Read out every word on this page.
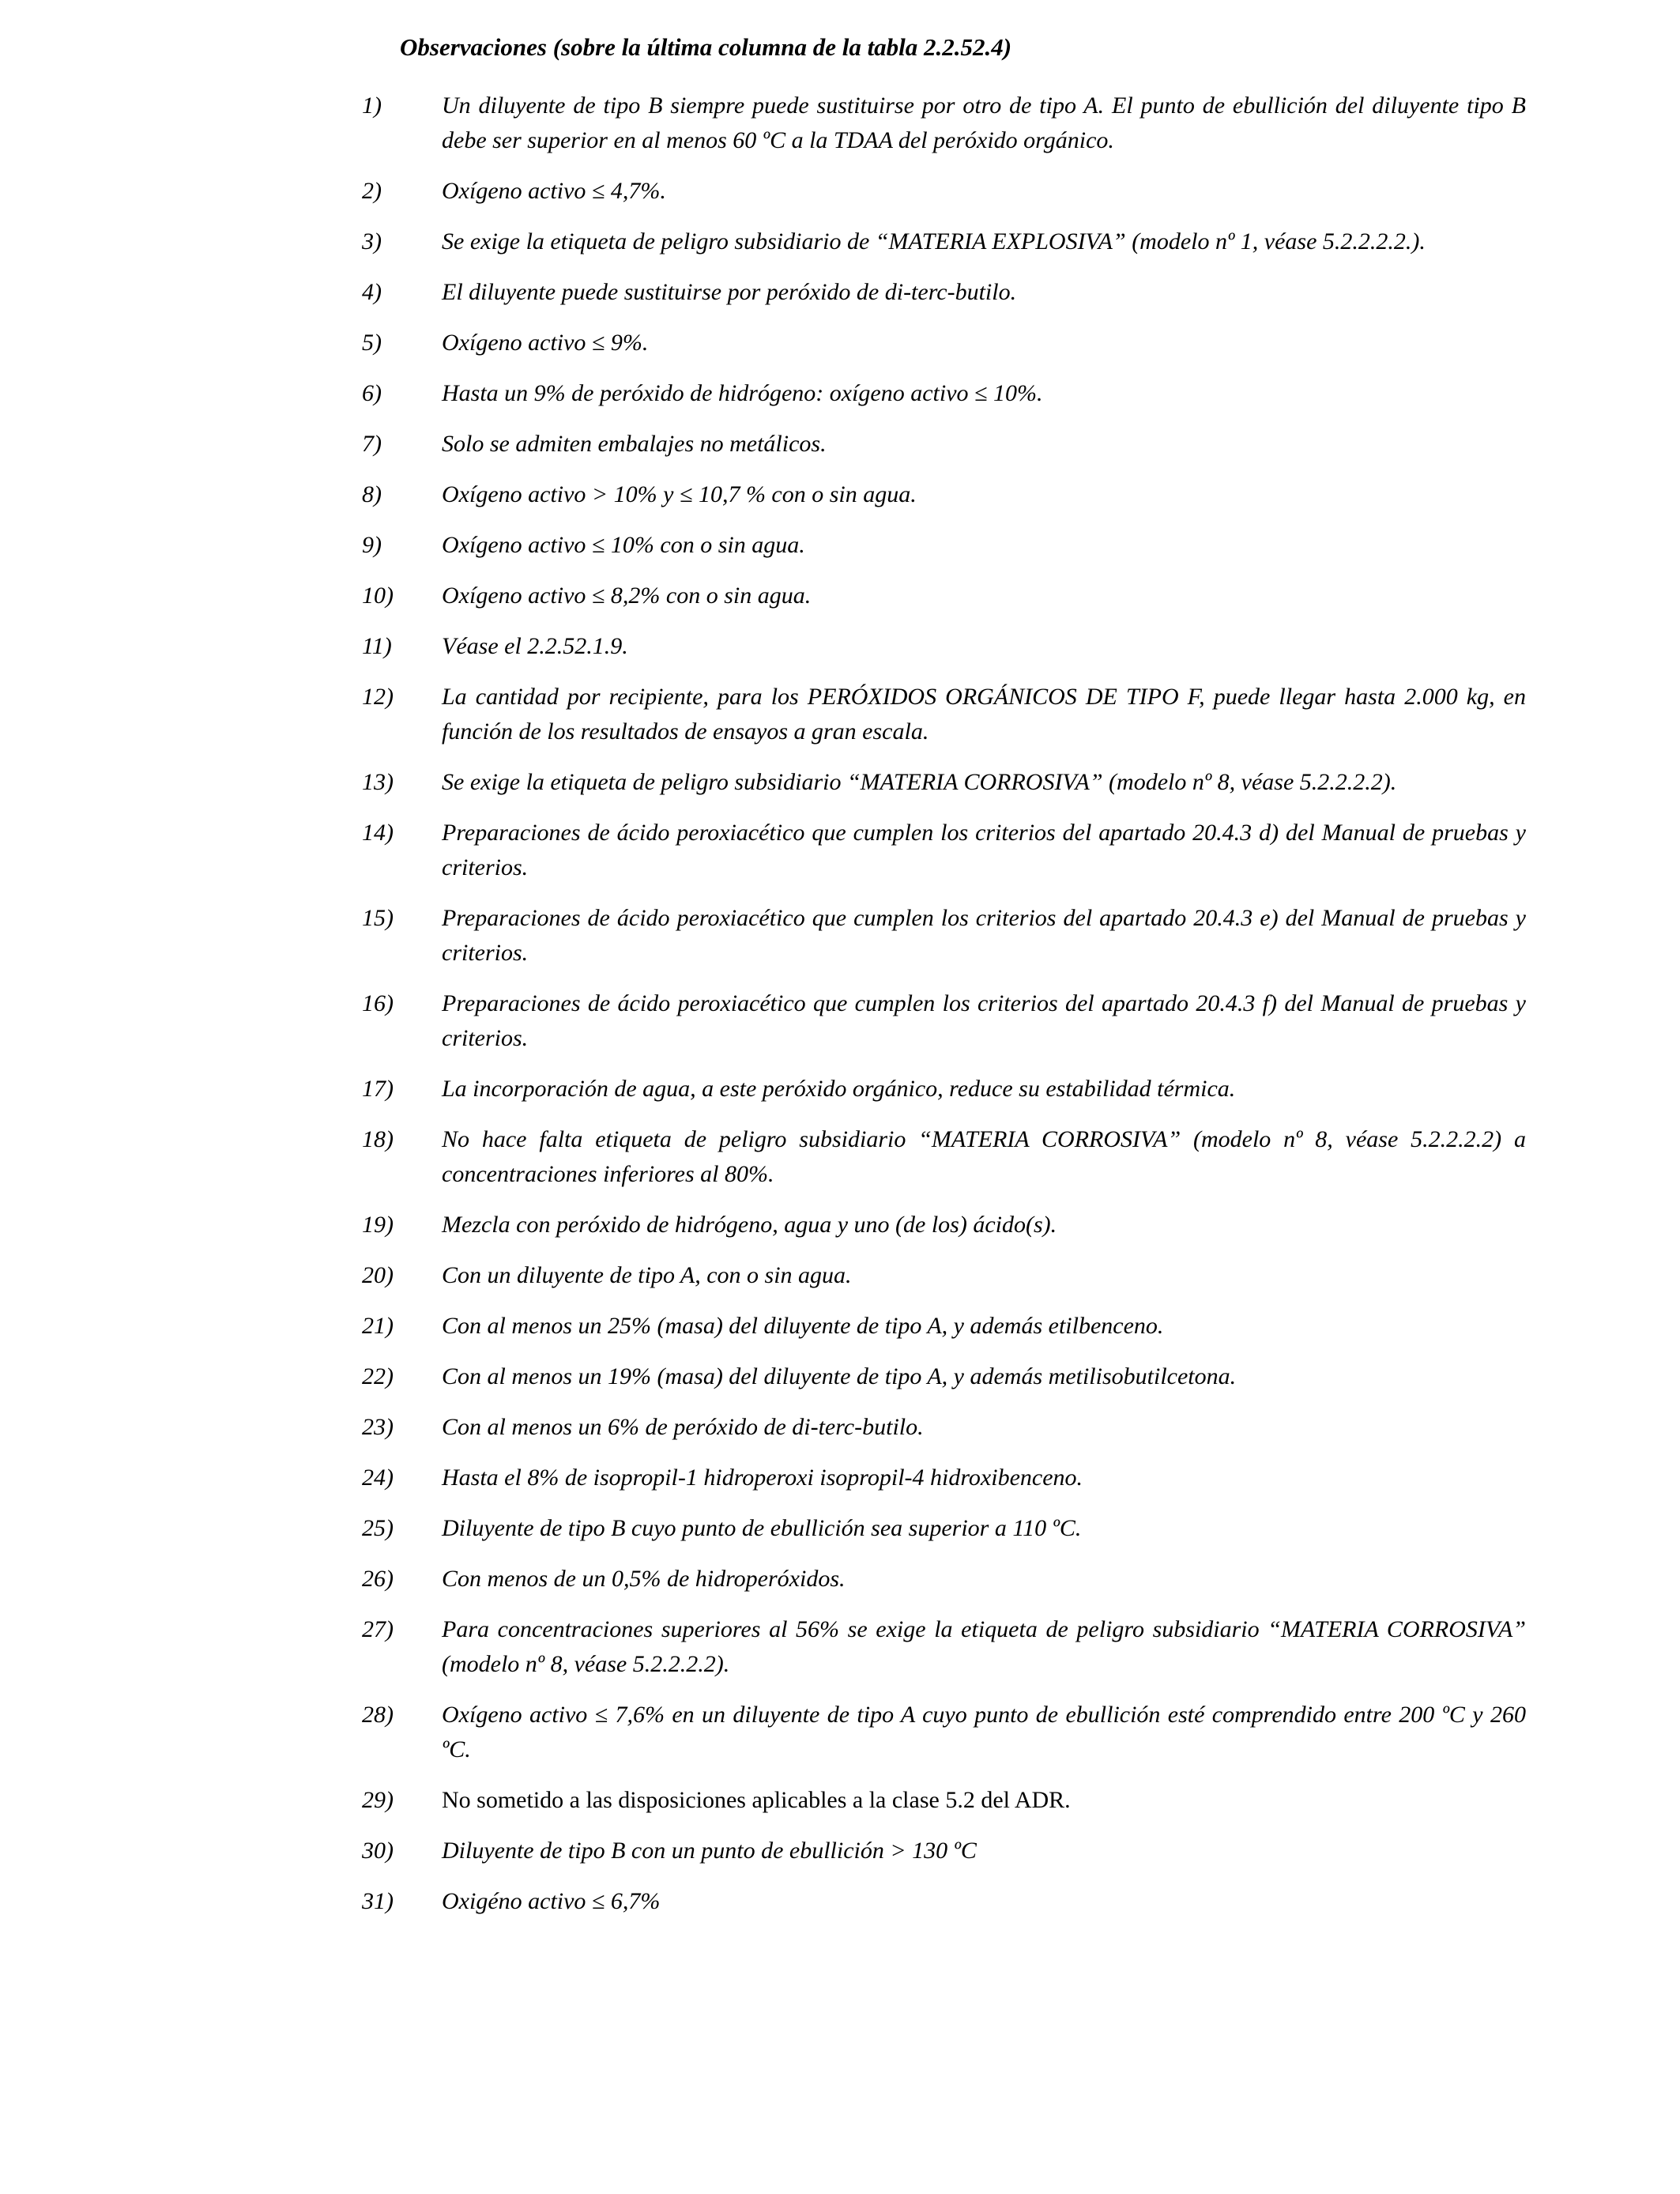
Observaciones (sobre la última columna de la tabla 2.2.52.4)
1)	Un diluyente de tipo B siempre puede sustituirse por otro de tipo A. El punto de ebullición del diluyente tipo B debe ser superior en al menos 60 ºC a la TDAA del peróxido orgánico.
2)	Oxígeno activo ≤ 4,7%.
3)	Se exige la etiqueta de peligro subsidiario de “MATERIA EXPLOSIVA” (modelo nº 1, véase 5.2.2.2.2.).
4)	El diluyente puede sustituirse por peróxido de di-terc-butilo.
5)	Oxígeno activo ≤ 9%.
6)	Hasta un 9% de peróxido de hidrógeno: oxígeno activo ≤ 10%.
7)	Solo se admiten embalajes no metálicos.
8)	Oxígeno activo > 10% y ≤ 10,7 % con o sin agua.
9)	Oxígeno activo ≤ 10% con o sin agua.
10)	Oxígeno activo ≤ 8,2% con o sin agua.
11)	Véase el 2.2.52.1.9.
12)	La cantidad por recipiente, para los PERÓXIDOS ORGÁNICOS DE TIPO F, puede llegar hasta 2.000 kg, en función de los resultados de ensayos a gran escala.
13)	Se exige la etiqueta de peligro subsidiario “MATERIA CORROSIVA” (modelo nº 8, véase 5.2.2.2.2).
14)	Preparaciones de ácido peroxiacético que cumplen los criterios del apartado 20.4.3 d) del Manual de pruebas y criterios.
15)	Preparaciones de ácido peroxiacético que cumplen los criterios del apartado 20.4.3 e) del Manual de pruebas y criterios.
16)	Preparaciones de ácido peroxiacético que cumplen los criterios del apartado 20.4.3 f) del Manual de pruebas y criterios.
17)	La incorporación de agua, a este peróxido orgánico, reduce su estabilidad térmica.
18)	No hace falta etiqueta de peligro subsidiario “MATERIA CORROSIVA” (modelo nº 8, véase 5.2.2.2.2) a concentraciones inferiores al 80%.
19)	Mezcla con peróxido de hidrógeno, agua y uno (de los) ácido(s).
20)	Con un diluyente de tipo A, con o sin agua.
21)	Con al menos un 25% (masa) del diluyente de tipo A, y además etilbenceno.
22)	Con al menos un 19% (masa) del diluyente de tipo A, y además metilisobutilcetona.
23)	Con al menos un 6% de peróxido de di-terc-butilo.
24)	Hasta el 8% de isopropil-1 hidroperoxi isopropil-4 hidroxibenceno.
25)	Diluyente de tipo B cuyo punto de ebullición sea superior a 110 ºC.
26)	Con menos de un 0,5% de hidroperóxidos.
27)	Para concentraciones superiores al 56% se exige la etiqueta de peligro subsidiario “MATERIA CORROSIVA” (modelo nº 8, véase 5.2.2.2.2).
28)	Oxígeno activo ≤ 7,6% en un diluyente de tipo A cuyo punto de ebullición esté comprendido entre 200 ºC y 260 ºC.
29)	No sometido a las disposiciones aplicables a la clase 5.2 del ADR.
30)	Diluyente de tipo B con un punto de ebullición > 130 ºC
31)	Oxigéno activo ≤ 6,7%
